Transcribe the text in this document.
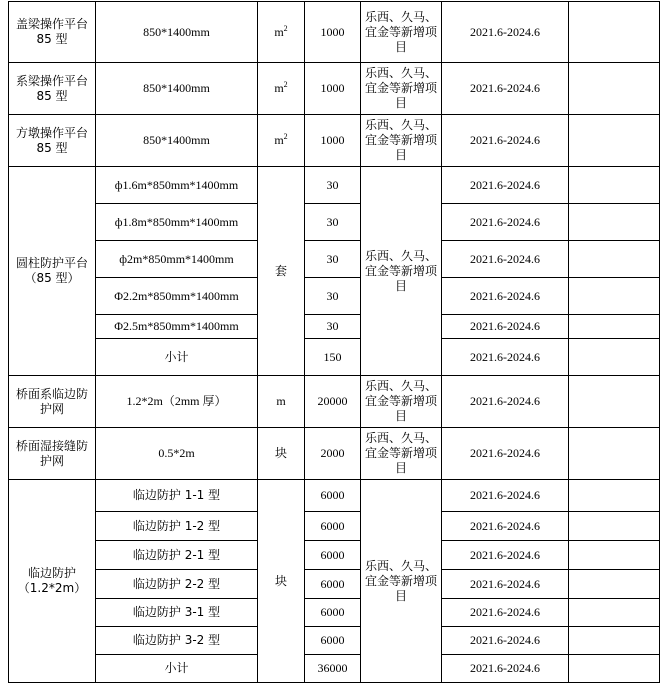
盖梁操作平台 85 型	850*1400mm	$m^2$	1000	乐西、久马、宜金等新增项目	2021.6-2024.6	
系梁操作平台 85 型	850*1400mm	$m^2$	1000	乐西、久马、宜金等新增项目	2021.6-2024.6	
方墩操作平台 85 型	850*1400mm	$m^2$	1000	乐西、久马、宜金等新增项目	2021.6-2024.6	
圆柱防护平台（85 型）	ф1.6m*850mm*1400mm	套	30	乐西、久马、宜金等新增项目	2021.6-2024.6	
	ф1.8m*850mm*1400mm		30		2021.6-2024.6	
	ф2m*850mm*1400mm		30		2021.6-2024.6	
	Φ2.2m*850mm*1400mm		30		2021.6-2024.6	
	Φ2.5m*850mm*1400mm		30		2021.6-2024.6	
	小计		150		2021.6-2024.6	
桥面系临边防护网	1.2*2m（2mm 厚）	m	20000	乐西、久马、宜金等新增项目	2021.6-2024.6	
桥面湿接缝防护网	0.5*2m	块	2000	乐西、久马、宜金等新增项目	2021.6-2024.6	
临边防护（1.2*2m）	临边防护 1-1 型	块	6000	乐西、久马、宜金等新增项目	2021.6-2024.6	
	临边防护 1-2 型		6000		2021.6-2024.6	
	临边防护 2-1 型		6000		2021.6-2024.6	
	临边防护 2-2 型		6000		2021.6-2024.6	
	临边防护 3-1 型		6000		2021.6-2024.6	
	临边防护 3-2 型		6000		2021.6-2024.6	
	小计		36000		2021.6-2024.6	
